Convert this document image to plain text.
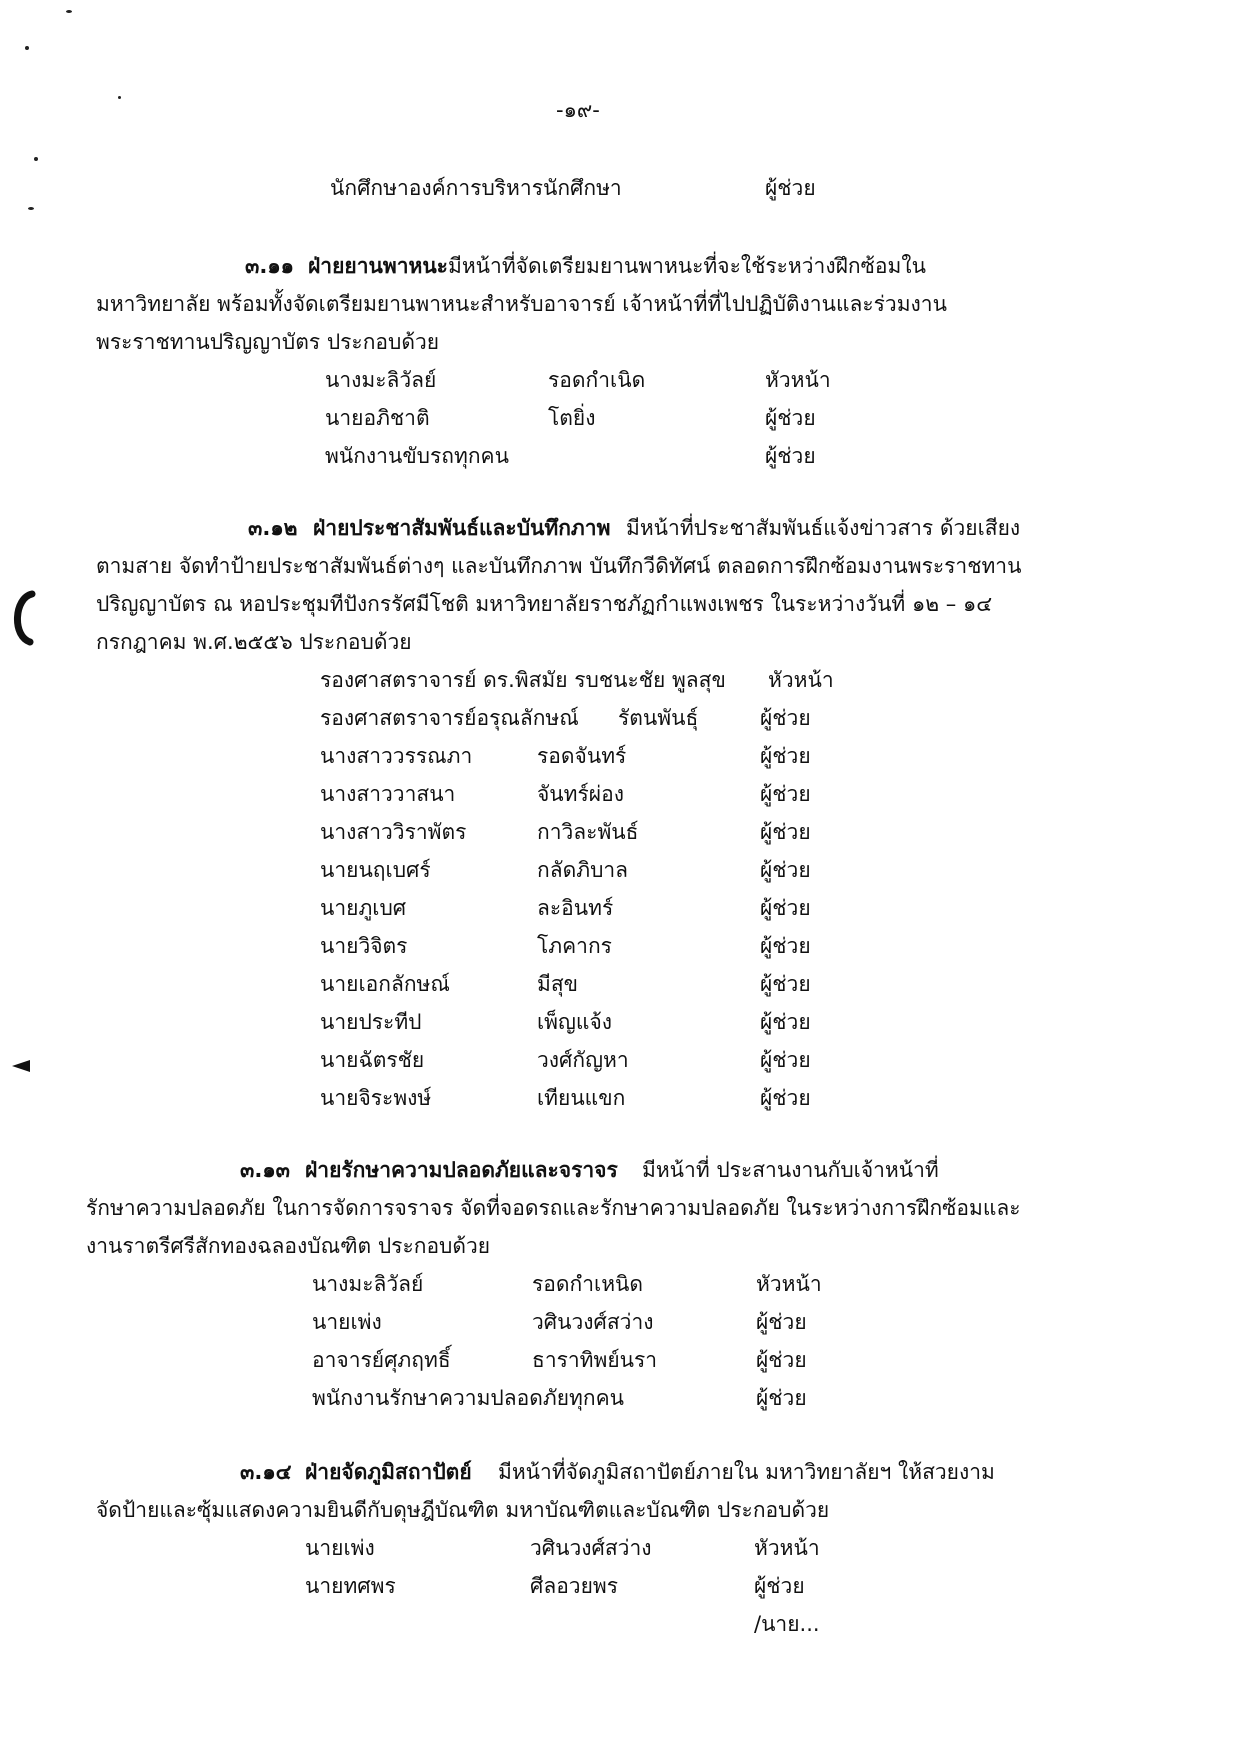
-๑๙-
นักศึกษาองค์การบริหารนักศึกษา	ผู้ช่วย
๓.๑๑ ฝ่ายยานพาหนะ มีหน้าที่จัดเตรียมยานพาหนะที่จะใช้ระหว่างฝึกซ้อมใน
มหาวิทยาลัย พร้อมทั้งจัดเตรียมยานพาหนะสำหรับอาจารย์ เจ้าหน้าที่ที่ไปปฏิบัติงานและร่วมงาน
พระราชทานปริญญาบัตร ประกอบด้วย
นางมะลิวัลย์	รอดกำเนิด	หัวหน้า
นายอภิชาติ	โตยิ่ง	ผู้ช่วย
พนักงานขับรถทุกคน	ผู้ช่วย
๓.๑๒ ฝ่ายประชาสัมพันธ์และบันทึกภาพ มีหน้าที่ประชาสัมพันธ์แจ้งข่าวสาร ด้วยเสียง
ตามสาย จัดทำป้ายประชาสัมพันธ์ต่างๆ และบันทึกภาพ บันทึกวีดิทัศน์ ตลอดการฝึกซ้อมงานพระราชทาน
ปริญญาบัตร ณ หอประชุมทีปังกรรัศมีโชติ มหาวิทยาลัยราชภัฏกำแพงเพชร ในระหว่างวันที่ ๑๒ – ๑๔
กรกฎาคม พ.ศ.๒๕๕๖ ประกอบด้วย
รองศาสตราจารย์ ดร.พิสมัย รบชนะชัย พูลสุข หัวหน้า
รองศาสตราจารย์อรุณลักษณ์ รัตนพันธุ์	ผู้ช่วย
นางสาววรรณภา	รอดจันทร์	ผู้ช่วย
นางสาววาสนา	จันทร์ผ่อง	ผู้ช่วย
นางสาววิราพัตร	กาวิละพันธ์	ผู้ช่วย
นายนฤเบศร์	กลัดภิบาล	ผู้ช่วย
นายภูเบศ	ละอินทร์	ผู้ช่วย
นายวิจิตร	โภคากร	ผู้ช่วย
นายเอกลักษณ์	มีสุข	ผู้ช่วย
นายประทีป	เพ็ญแจ้ง	ผู้ช่วย
นายฉัตรชัย	วงศ์กัญหา	ผู้ช่วย
นายจิระพงษ์	เทียนแขก	ผู้ช่วย
๓.๑๓ ฝ่ายรักษาความปลอดภัยและจราจร มีหน้าที่ ประสานงานกับเจ้าหน้าที่
รักษาความปลอดภัย ในการจัดการจราจร จัดที่จอดรถและรักษาความปลอดภัย ในระหว่างการฝึกซ้อมและ
งานราตรีศรีสักทองฉลองบัณฑิต ประกอบด้วย
นางมะลิวัลย์	รอดกำเหนิด	หัวหน้า
นายเพ่ง	วศินวงศ์สว่าง	ผู้ช่วย
อาจารย์ศุภฤทธิ์	ธาราทิพย์นรา	ผู้ช่วย
พนักงานรักษาความปลอดภัยทุกคน	ผู้ช่วย
๓.๑๔ ฝ่ายจัดภูมิสถาปัตย์ มีหน้าที่จัดภูมิสถาปัตย์ภายใน มหาวิทยาลัยฯ ให้สวยงาม
จัดป้ายและซุ้มแสดงความยินดีกับดุษฎีบัณฑิต มหาบัณฑิตและบัณฑิต ประกอบด้วย
นายเพ่ง	วศินวงศ์สว่าง	หัวหน้า
นายทศพร	ศีลอวยพร	ผู้ช่วย
/นาย...
